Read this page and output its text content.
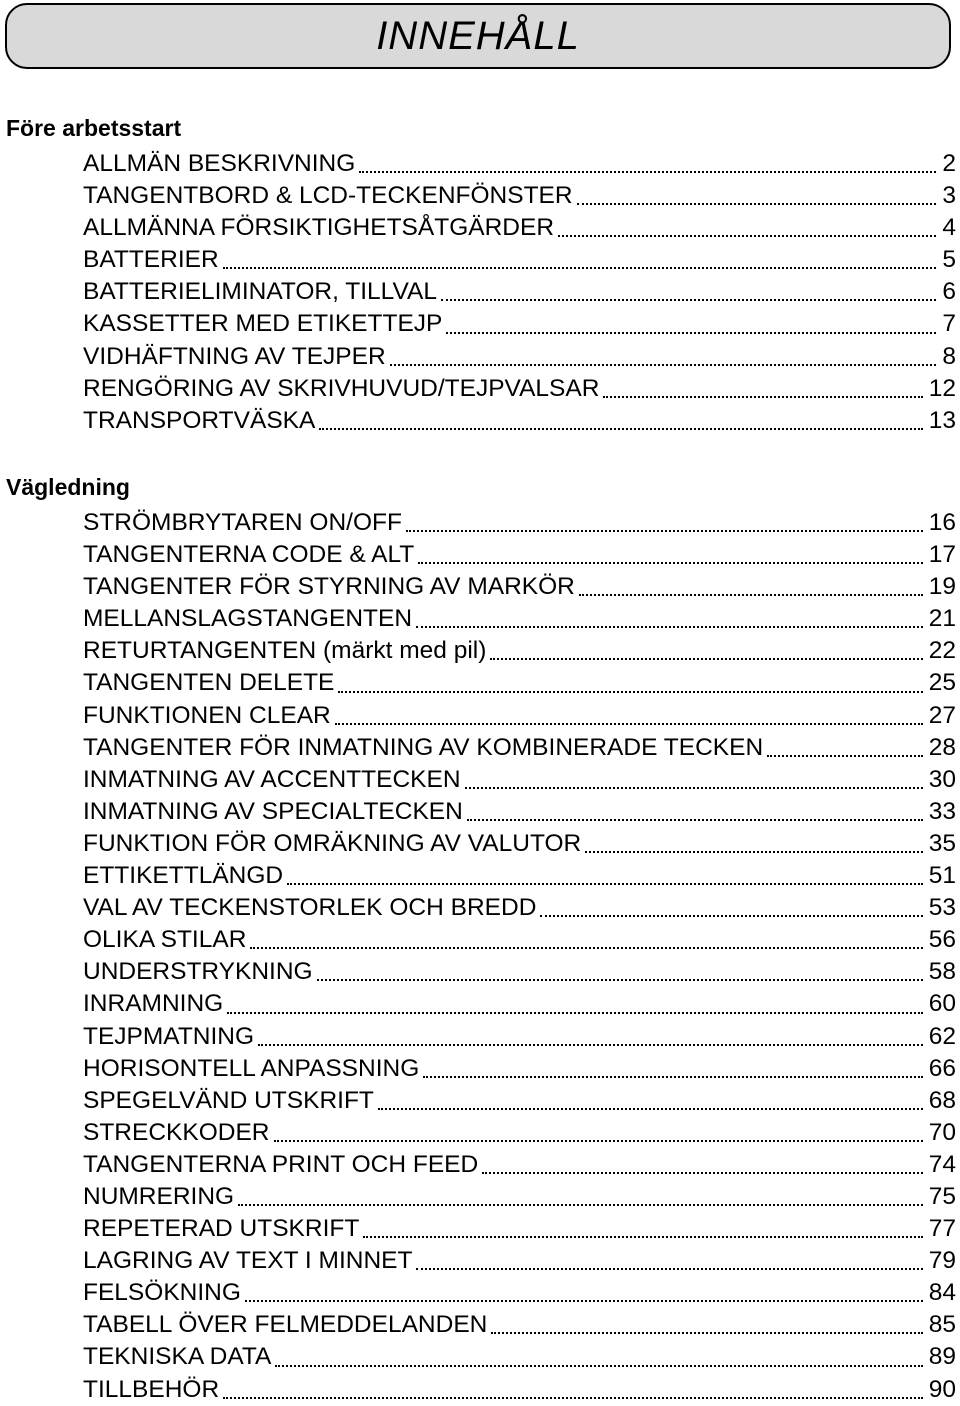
INNEHÅLL
Före arbetsstart
ALLMÄN BESKRIVNING	2
TANGENTBORD & LCD-TECKENFÖNSTER	3
ALLMÄNNA FÖRSIKTIGHETSÅTGÄRDER	4
BATTERIER	5
BATTERIELIMINATOR, TILLVAL	6
KASSETTER MED ETIKETTEJP	7
VIDHÄFTNING AV TEJPER	8
RENGÖRING AV SKRIVHUVUD/TEJPVALSAR	12
TRANSPORTVÄSKA	13
Vägledning
STRÖMBRYTAREN ON/OFF	16
TANGENTERNA CODE & ALT	17
TANGENTER FÖR STYRNING AV MARKÖR	19
MELLANSLAGSTANGENTEN	21
RETURTANGENTEN (märkt med pil)	22
TANGENTEN DELETE	25
FUNKTIONEN CLEAR	27
TANGENTER FÖR INMATNING AV KOMBINERADE TECKEN	28
INMATNING AV ACCENTTECKEN	30
INMATNING AV SPECIALTECKEN	33
FUNKTION FÖR OMRÄKNING AV VALUTOR	35
ETTIKETTLÄNGD	51
VAL AV TECKENSTORLEK OCH BREDD	53
OLIKA STILAR	56
UNDERSTRYKNING	58
INRAMNING	60
TEJPMATNING	62
HORISONTELL ANPASSNING	66
SPEGELVÄND UTSKRIFT	68
STRECKKODER	70
TANGENTERNA PRINT OCH FEED	74
NUMRERING	75
REPETERAD UTSKRIFT	77
LAGRING AV TEXT I MINNET	79
FELSÖKNING	84
TABELL ÖVER FELMEDDELANDEN	85
TEKNISKA DATA	89
TILLBEHÖR	90
